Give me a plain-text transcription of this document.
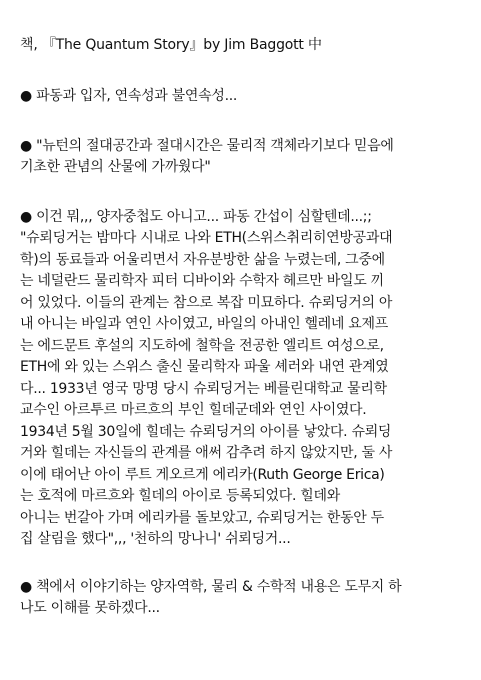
책, 『The Quantum Story』by Jim Baggott 中
● 파동과 입자, 연속성과 불연속성...
● "뉴턴의 절대공간과 절대시간은 물리적 객체라기보다 믿음에
기초한 관념의 산물에 가까웠다"
● 이건 뭐,,, 양자중첩도 아니고... 파동 간섭이 심할텐데...;;
"슈뢰딩거는 밤마다 시내로 나와 ETH(스위스취리히연방공과대
학)의 동료들과 어울리면서 자유분방한 삶을 누렸는데, 그중에
는 네덜란드 물리학자 피터 디바이와 수학자 헤르만 바일도 끼
어 있었다. 이들의 관계는 참으로 복잡 미묘하다. 슈뢰딩거의 아
내 아니는 바일과 연인 사이였고, 바일의 아내인 헬레네 요제프
는 에드문트 후설의 지도하에 철학을 전공한 엘리트 여성으로,
ETH에 와 있는 스위스 출신 물리학자 파울 셰러와 내연 관계였
다... 1933년 영국 망명 당시 슈뢰딩거는 베를린대학교 물리학
교수인 아르투르 마르흐의 부인 힐데군데와 연인 사이였다.
1934년 5월 30일에 힐데는 슈뢰딩거의 아이를 낳았다. 슈뢰딩
거와 힐데는 자신들의 관계를 애써 감추려 하지 않았지만, 둘 사
이에 태어난 아이 루트 게오르게 에리카(Ruth George Erica)
는 호적에 마르흐와 힐데의 아이로 등록되었다. 힐데와
아니는 번갈아 가며 에리카를 돌보았고, 슈뢰딩거는 한동안 두
집 살림을 했다",,, '천하의 망나니' 쉬뢰딩거...
● 책에서 이야기하는 양자역학, 물리 & 수학적 내용은 도무지 하
나도 이해를 못하겠다...
